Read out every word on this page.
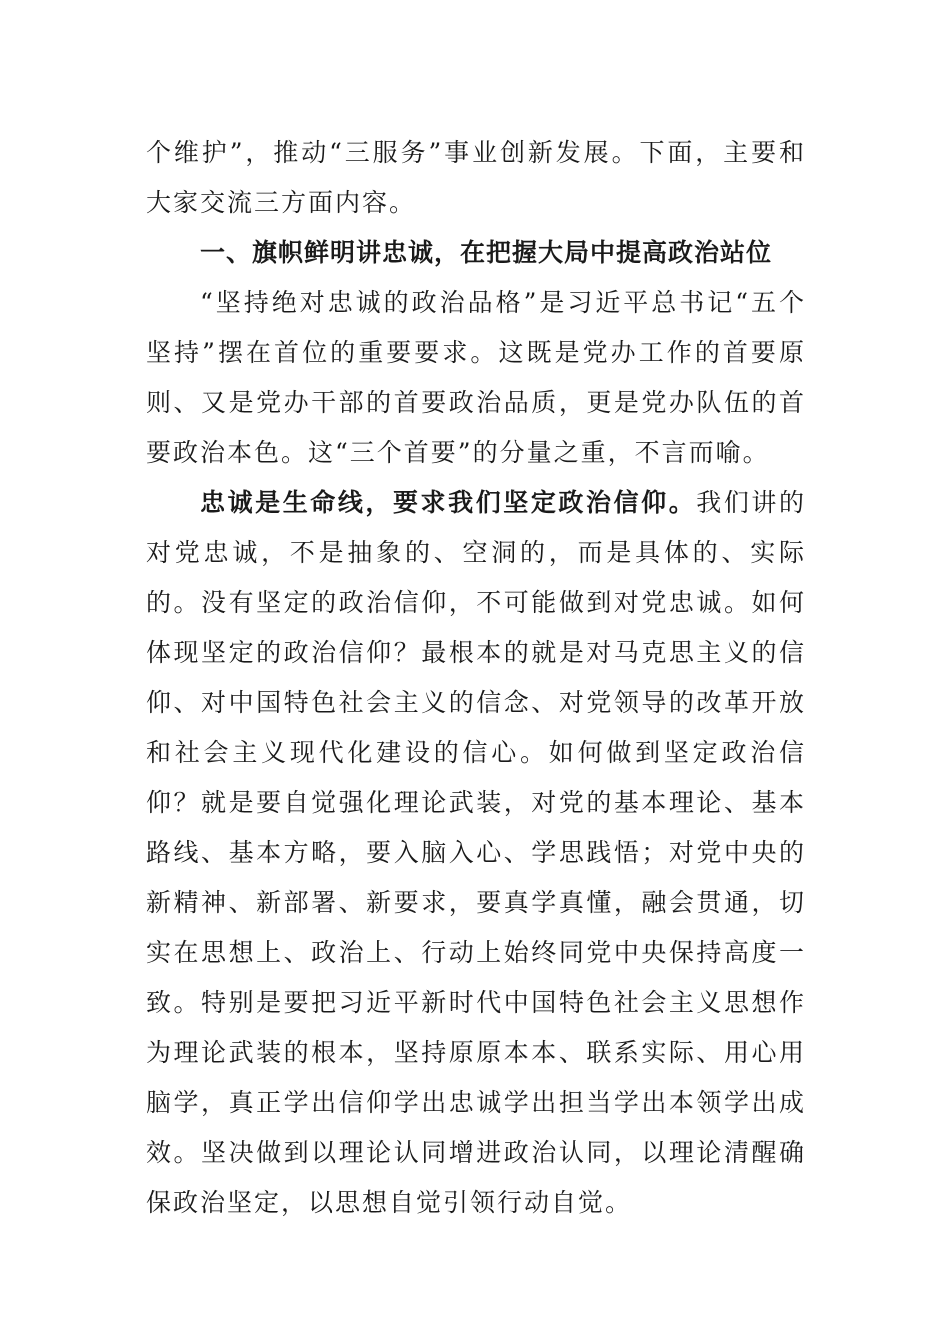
个维护”，推动“三服务”事业创新发展。下面，主要和大家交流三方面内容。

一、旗帜鲜明讲忠诚，在把握大局中提高政治站位

“坚持绝对忠诚的政治品格”是习近平总书记“五个坚持”摆在首位的重要要求。这既是党办工作的首要原则、又是党办干部的首要政治品质，更是党办队伍的首要政治本色。这“三个首要”的分量之重，不言而喻。

忠诚是生命线，要求我们坚定政治信仰。我们讲的对党忠诚，不是抽象的、空洞的，而是具体的、实际的。没有坚定的政治信仰，不可能做到对党忠诚。如何体现坚定的政治信仰？最根本的就是对马克思主义的信仰、对中国特色社会主义的信念、对党领导的改革开放和社会主义现代化建设的信心。如何做到坚定政治信仰？就是要自觉强化理论武装，对党的基本理论、基本路线、基本方略，要入脑入心、学思践悟；对党中央的新精神、新部署、新要求，要真学真懂，融会贯通，切实在思想上、政治上、行动上始终同党中央保持高度一致。特别是要把习近平新时代中国特色社会主义思想作为理论武装的根本，坚持原原本本、联系实际、用心用脑学，真正学出信仰学出忠诚学出担当学出本领学出成效。坚决做到以理论认同增进政治认同，以理论清醒确保政治坚定，以思想自觉引领行动自觉。
